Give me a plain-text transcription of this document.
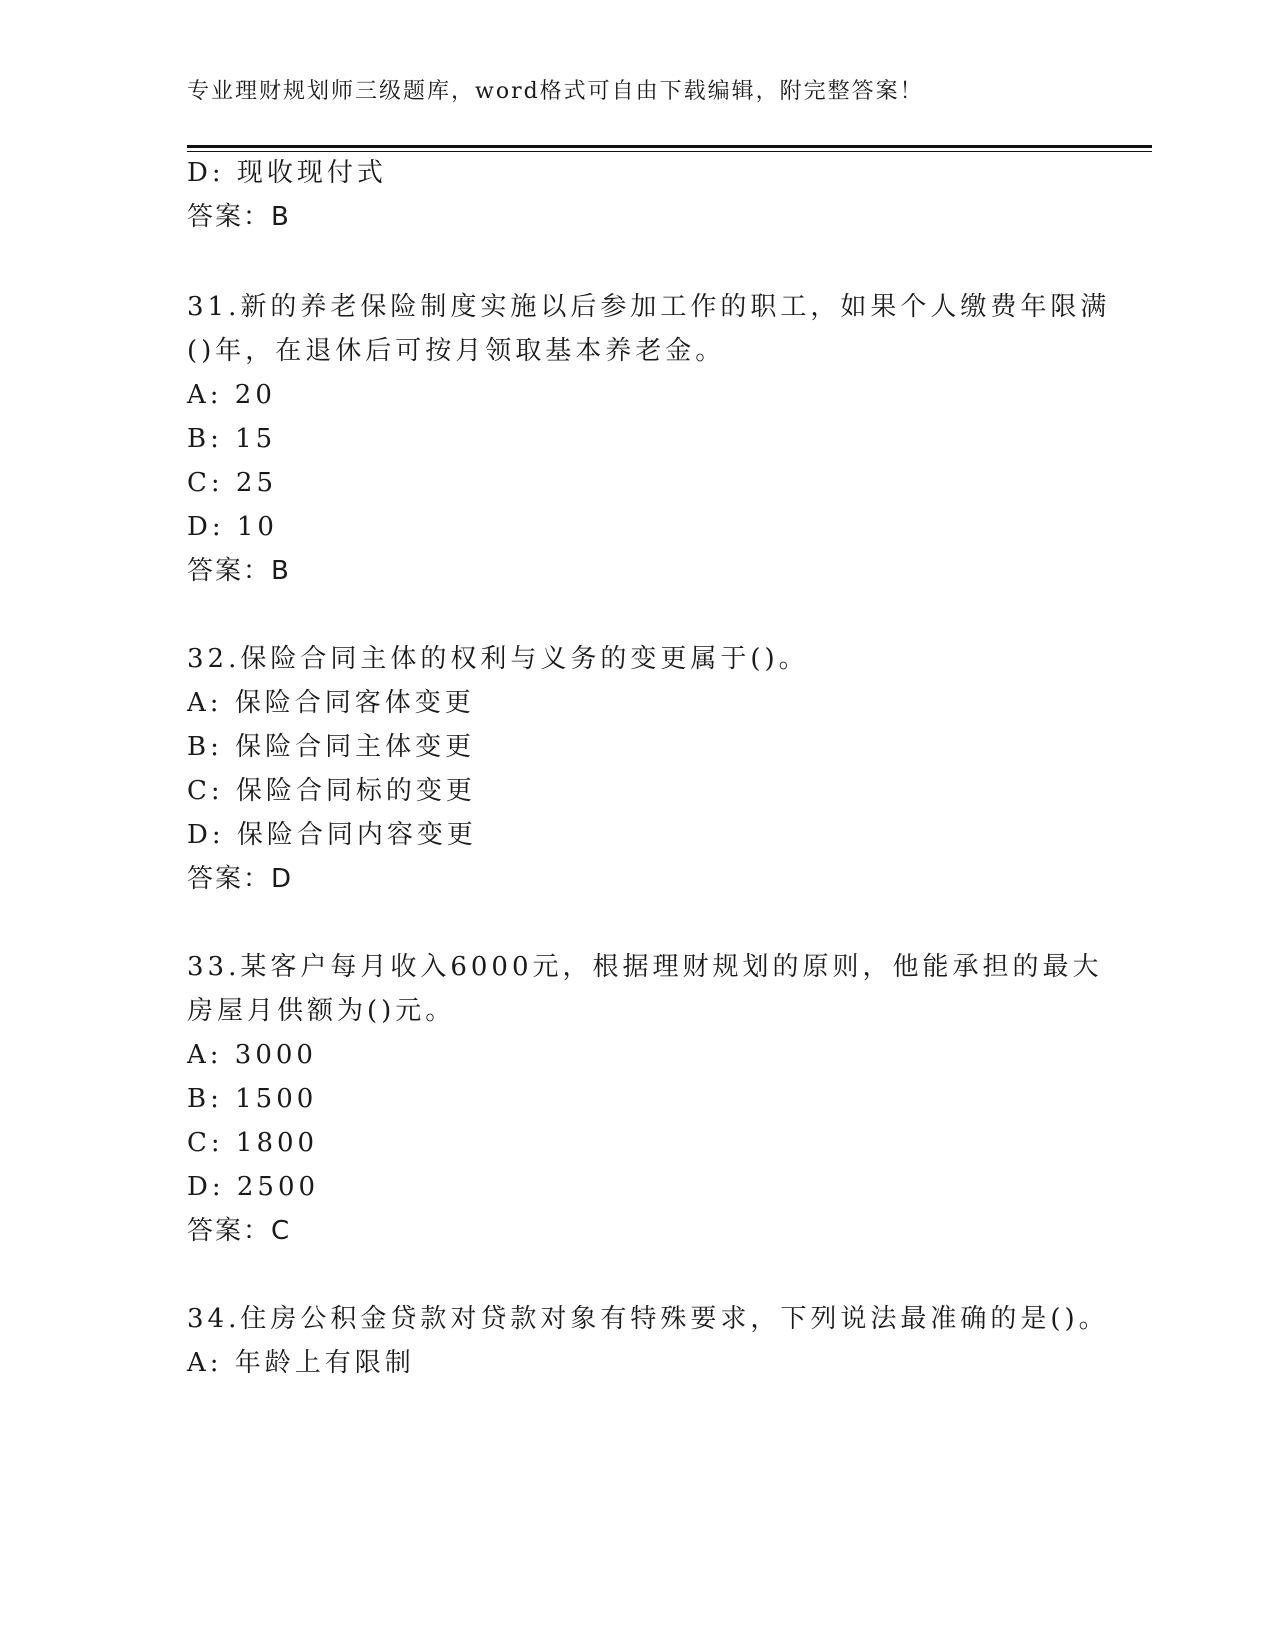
专业理财规划师三级题库，word格式可自由下载编辑，附完整答案！
D: 现收现付式
答案：B
31.新的养老保险制度实施以后参加工作的职工，如果个人缴费年限满
()年，在退休后可按月领取基本养老金。
A: 20
B: 15
C: 25
D: 10
答案：B
32.保险合同主体的权利与义务的变更属于()。
A: 保险合同客体变更
B: 保险合同主体变更
C: 保险合同标的变更
D: 保险合同内容变更
答案：D
33.某客户每月收入6000元，根据理财规划的原则，他能承担的最大
房屋月供额为()元。
A: 3000
B: 1500
C: 1800
D: 2500
答案：C
34.住房公积金贷款对贷款对象有特殊要求，下列说法最准确的是()。
A: 年龄上有限制
